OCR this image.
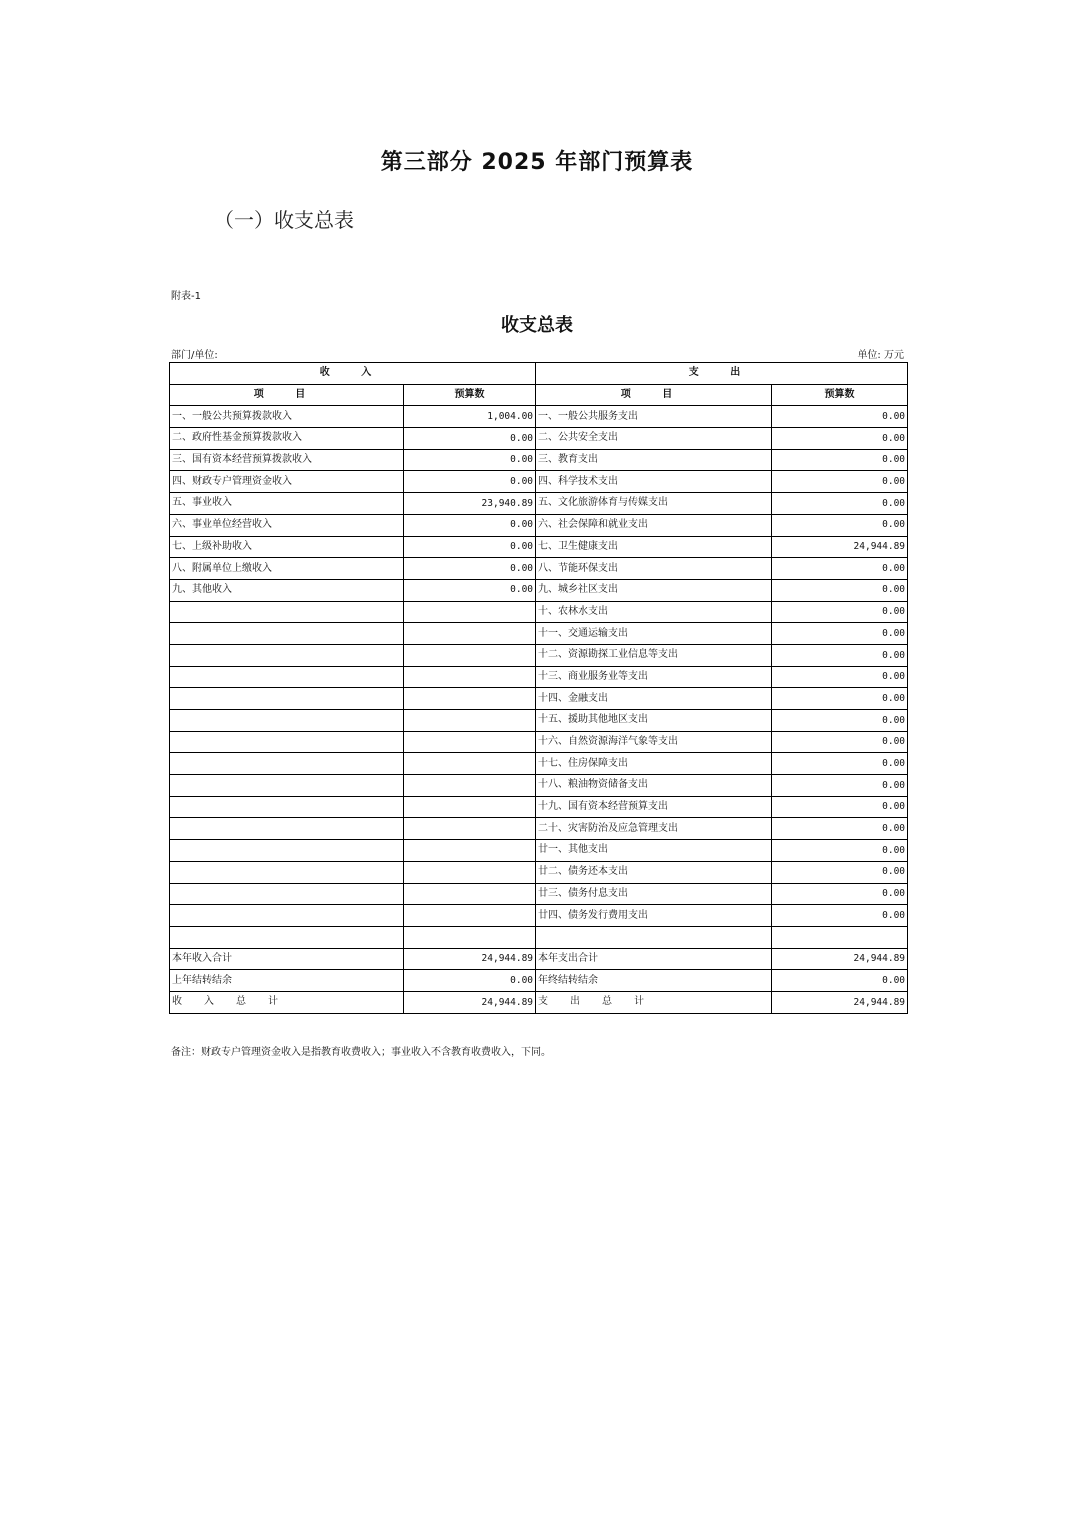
第三部分 2025 年部门预算表
（一）收支总表
附表-1
收支总表
部门/单位:	单位: 万元
收 入		支 出	
项 目	预算数	项 目	预算数
一、一般公共预算拨款收入	1,004.00	一、一般公共服务支出	0.00
二、政府性基金预算拨款收入	0.00	二、公共安全支出	0.00
三、国有资本经营预算拨款收入	0.00	三、教育支出	0.00
四、财政专户管理资金收入	0.00	四、科学技术支出	0.00
五、事业收入	23,940.89	五、文化旅游体育与传媒支出	0.00
六、事业单位经营收入	0.00	六、社会保障和就业支出	0.00
七、上级补助收入	0.00	七、卫生健康支出	24,944.89
八、附属单位上缴收入	0.00	八、节能环保支出	0.00
九、其他收入	0.00	九、城乡社区支出	0.00
		十、农林水支出	0.00
		十一、交通运输支出	0.00
		十二、资源勘探工业信息等支出	0.00
		十三、商业服务业等支出	0.00
		十四、金融支出	0.00
		十五、援助其他地区支出	0.00
		十六、自然资源海洋气象等支出	0.00
		十七、住房保障支出	0.00
		十八、粮油物资储备支出	0.00
		十九、国有资本经营预算支出	0.00
		二十、灾害防治及应急管理支出	0.00
		廿一、其他支出	0.00
		廿二、债务还本支出	0.00
		廿三、债务付息支出	0.00
		廿四、债务发行费用支出	0.00

本年收入合计	24,944.89	本年支出合计	24,944.89
上年结转结余	0.00	年终结转结余	0.00
收入总计	24,944.89	支出总计	24,944.89
备注：财政专户管理资金收入是指教育收费收入；事业收入不含教育收费收入，下同。
